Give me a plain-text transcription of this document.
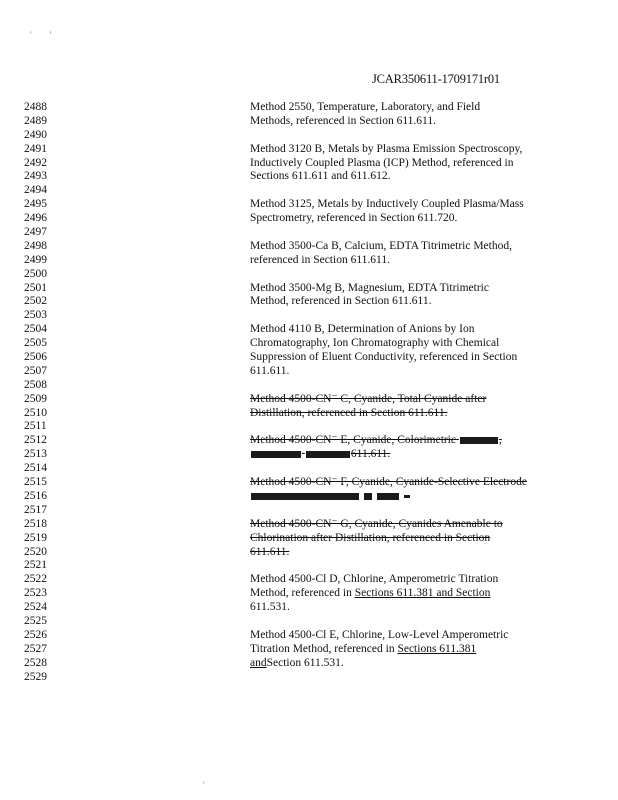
'        '
'
JCAR350611-1709171r01
2488
2489
2490
2491
2492
2493
2494
2495
2496
2497
2498
2499
2500
2501
2502
2503
2504
2505
2506
2507
2508
2509
2510
2511
2512
2513
2514
2515
2516
2517
2518
2519
2520
2521
2522
2523
2524
2525
2526
2527
2528
2529
Method 2550, Temperature, Laboratory, and Field
Methods, referenced in Section 611.611.
Method 3120 B, Metals by Plasma Emission Spectroscopy,
Inductively Coupled Plasma (ICP) Method, referenced in
Sections 611.611 and 611.612.
Method 3125, Metals by Inductively Coupled Plasma/Mass
Spectrometry, referenced in Section 611.720.
Method 3500-Ca B, Calcium, EDTA Titrimetric Method,
referenced in Section 611.611.
Method 3500-Mg B, Magnesium, EDTA Titrimetric
Method, referenced in Section 611.611.
Method 4110 B, Determination of Anions by Ion
Chromatography, Ion Chromatography with Chemical
Suppression of Eluent Conductivity, referenced in Section
611.611.
Method 4500-CN⁻ C, Cyanide, Total Cyanide after
Distillation, referenced in Section 611.611.
Method 4500-CN⁻ E, Cyanide, Colorimetric	,
611.611.
Method 4500-CN⁻ F, Cyanide, Cyanide-Selective Electrode

Method 4500-CN⁻ G, Cyanide, Cyanides Amenable to
Chlorination after Distillation, referenced in Section
611.611.
Method 4500-Cl D, Chlorine, Amperometric Titration
Method, referenced in Sections 611.381 and Section
611.531.
Method 4500-Cl E, Chlorine, Low-Level Amperometric
Titration Method, referenced in Sections 611.381
andSection 611.531.
